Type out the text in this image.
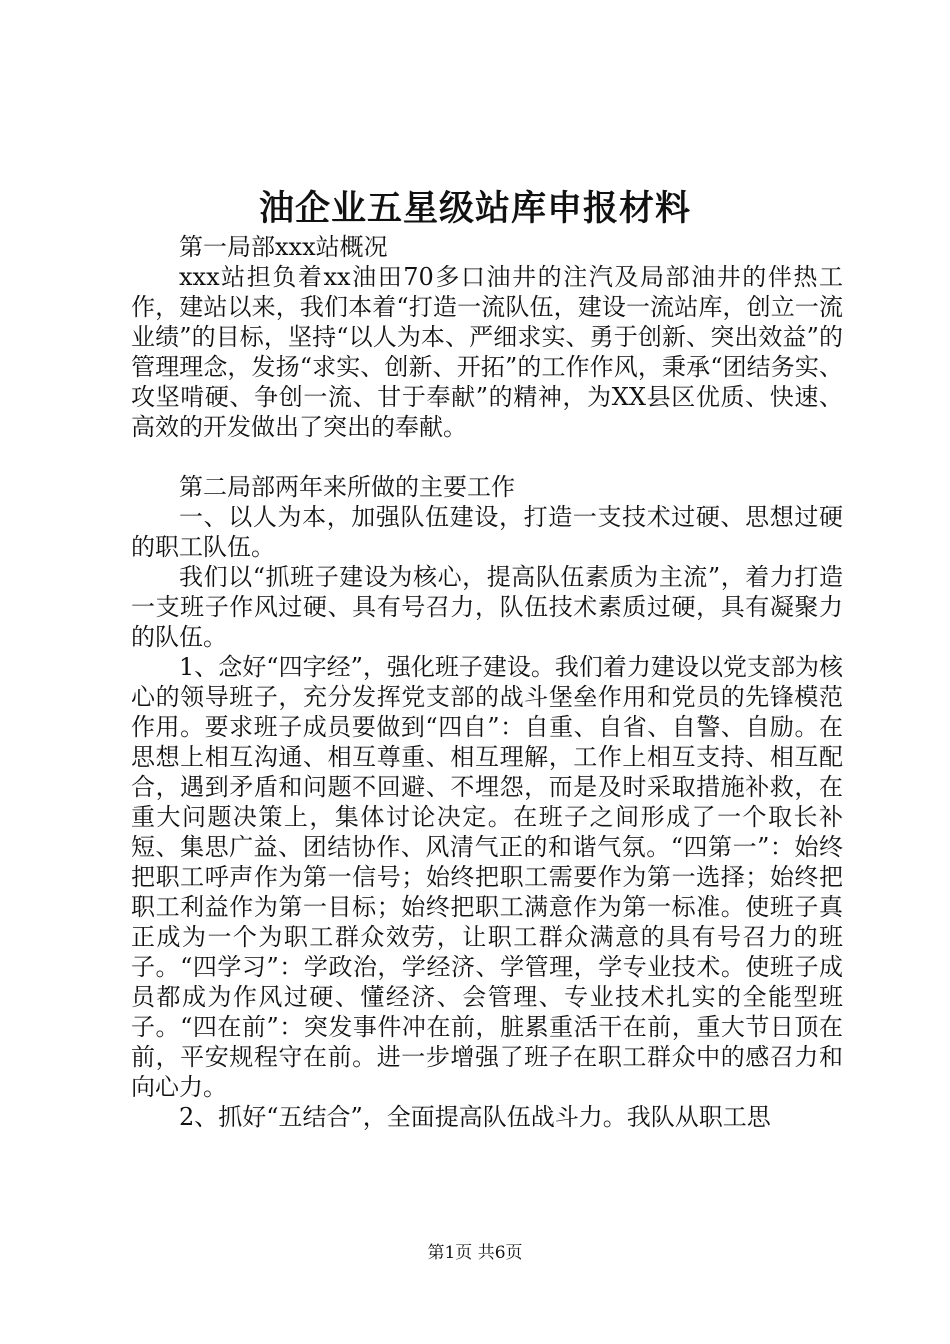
油企业五星级站库申报材料

第一局部xxx站概况

xxx站担负着xx油田70多口油井的注汽及局部油井的伴热工作，建站以来，我们本着“打造一流队伍，建设一流站库，创立一流业绩”的目标，坚持“以人为本、严细求实、勇于创新、突出效益”的管理理念，发扬“求实、创新、开拓”的工作作风，秉承“团结务实、攻坚啃硬、争创一流、甘于奉献”的精神，为XX县区优质、快速、高效的开发做出了突出的奉献。

第二局部两年来所做的主要工作

一、以人为本，加强队伍建设，打造一支技术过硬、思想过硬的职工队伍。

我们以“抓班子建设为核心，提高队伍素质为主流”，着力打造一支班子作风过硬、具有号召力，队伍技术素质过硬，具有凝聚力的队伍。

1、念好“四字经”，强化班子建设。我们着力建设以党支部为核心的领导班子，充分发挥党支部的战斗堡垒作用和党员的先锋模范作用。要求班子成员要做到“四自”：自重、自省、自警、自励。在思想上相互沟通、相互尊重、相互理解，工作上相互支持、相互配合，遇到矛盾和问题不回避、不埋怨，而是及时采取措施补救，在重大问题决策上，集体讨论决定。在班子之间形成了一个取长补短、集思广益、团结协作、风清气正的和谐气氛。“四第一”：始终把职工呼声作为第一信号；始终把职工需要作为第一选择；始终把职工利益作为第一目标；始终把职工满意作为第一标准。使班子真正成为一个为职工群众效劳，让职工群众满意的具有号召力的班子。“四学习”：学政治，学经济、学管理，学专业技术。使班子成员都成为作风过硬、懂经济、会管理、专业技术扎实的全能型班子。“四在前”：突发事件冲在前，脏累重活干在前，重大节日顶在前，平安规程守在前。进一步增强了班子在职工群众中的感召力和向心力。

2、抓好“五结合”，全面提高队伍战斗力。我队从职工思

第1页 共6页
